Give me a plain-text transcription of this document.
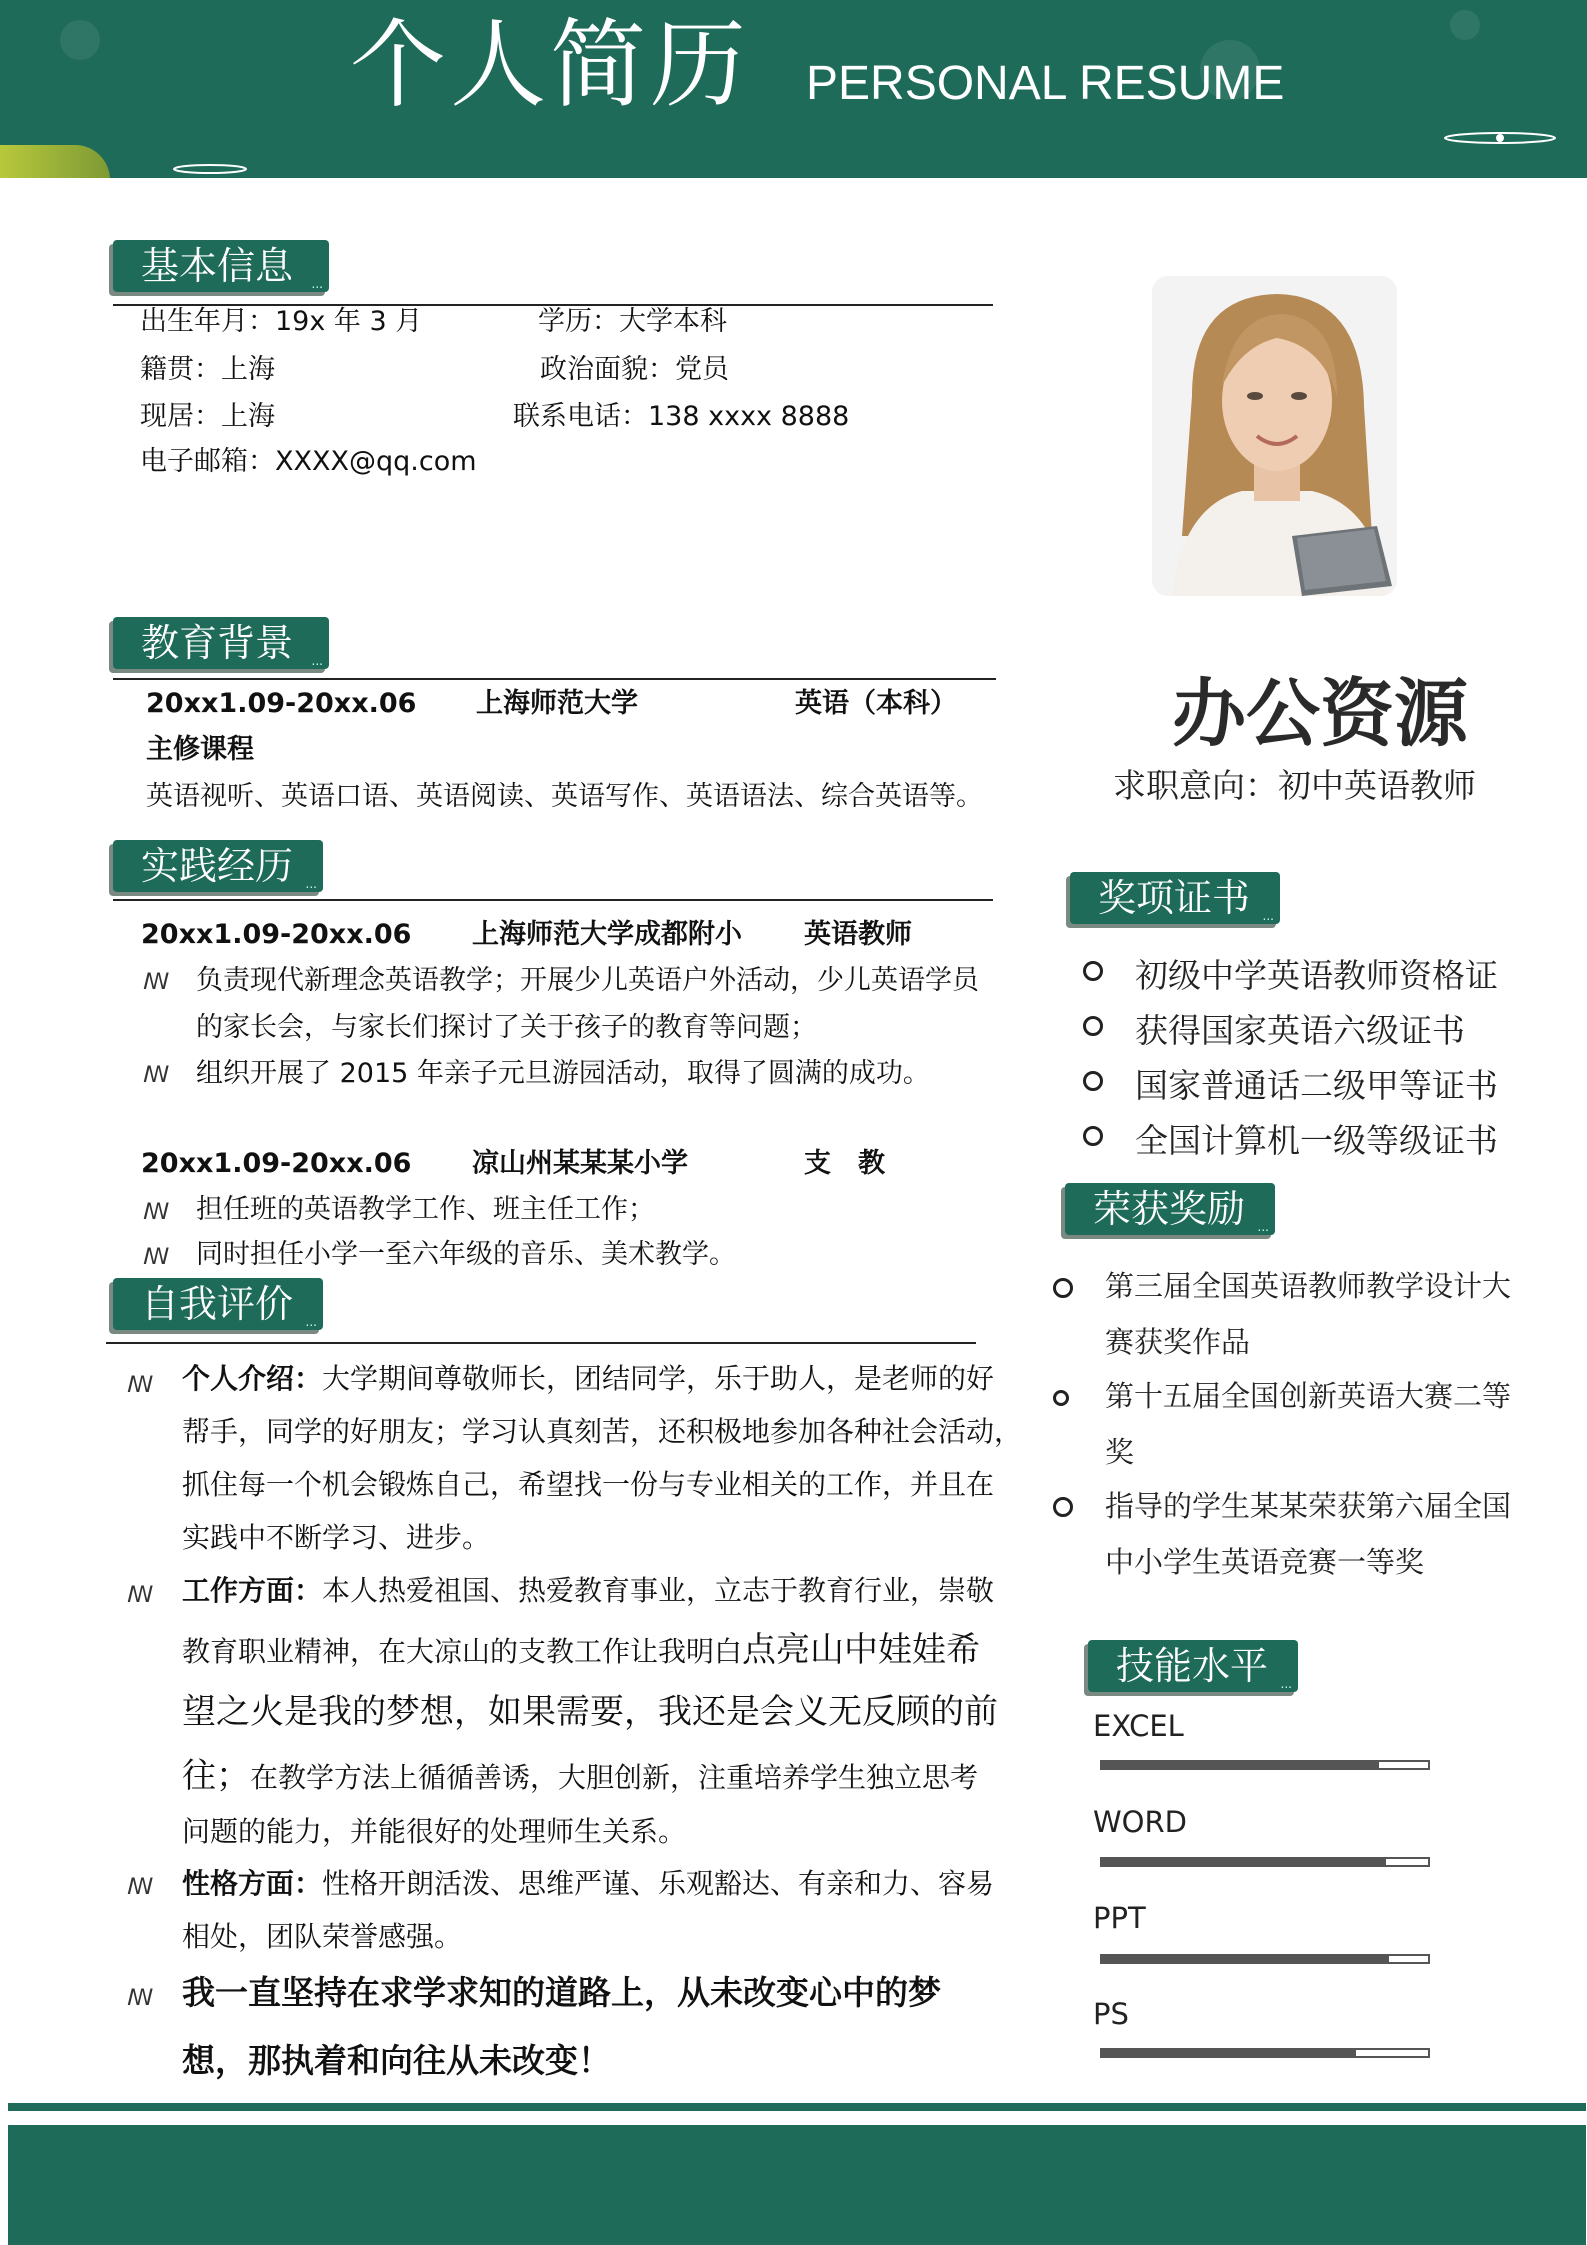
个人简历 PERSONAL RESUME
基本信息 ...
出生年月：19x 年 3 月	学历：大学本科
籍贯：上海	政治面貌：党员
现居：上海	联系电话：138 xxxx 8888
电子邮箱：XXXX@qq.com
办公资源
求职意向：初中英语教师
教育背景 ...
20xx1.09-20xx.06 上海师范大学	英语（本科）
主修课程
英语视听、英语口语、英语阅读、英语写作、英语语法、综合英语等。
实践经历 ...
20xx1.09-20xx.06 上海师范大学成都附小 英语教师
ꟿ 负责现代新理念英语教学；开展少儿英语户外活动，少儿英语学员
的家长会，与家长们探讨了关于孩子的教育等问题；
ꟿ 组织开展了 2015 年亲子元旦游园活动，取得了圆满的成功。
20xx1.09-20xx.06 凉山州某某某小学	支　教
ꟿ 担任班的英语教学工作、班主任工作；
ꟿ 同时担任小学一至六年级的音乐、美术教学。
自我评价 ...
ꟿ 个人介绍：大学期间尊敬师长，团结同学，乐于助人，是老师的好
帮手，同学的好朋友；学习认真刻苦，还积极地参加各种社会活动，
抓住每一个机会锻炼自己，希望找一份与专业相关的工作，并且在
实践中不断学习、进步。
ꟿ 工作方面：本人热爱祖国、热爱教育事业，立志于教育行业，崇敬
教育职业精神，在大凉山的支教工作让我明白点亮山中娃娃希
望之火是我的梦想，如果需要，我还是会义无反顾的前
往；在教学方法上循循善诱，大胆创新，注重培养学生独立思考
问题的能力，并能很好的处理师生关系。
ꟿ 性格方面：性格开朗活泼、思维严谨、乐观豁达、有亲和力、容易
相处，团队荣誉感强。
ꟿ 我一直坚持在求学求知的道路上，从未改变心中的梦
想，那执着和向往从未改变！
奖项证书 ...
初级中学英语教师资格证
获得国家英语六级证书
国家普通话二级甲等证书
全国计算机一级等级证书
荣获奖励 ...
第三届全国英语教师教学设计大
赛获奖作品
第十五届全国创新英语大赛二等
奖
指导的学生某某荣获第六届全国
中小学生英语竞赛一等奖
技能水平 ...
EXCEL
WORD
PPT
PS
